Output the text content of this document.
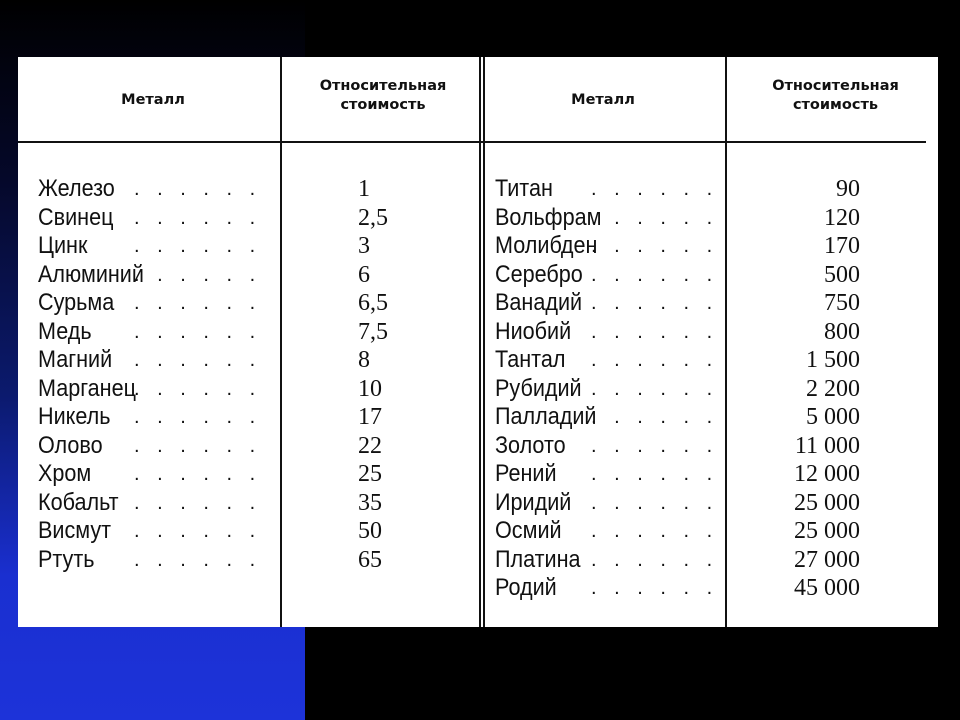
Металл
Относительная
стоимость	Металл
Относительная
стоимость
Железо . . . . . .
Свинец . . . . . .
Цинк . . . . . .
Алюминий
. . . . . .
Сурьма . . . . . .
Медь . . . . . .
Магний . . . . . .
Марганец
. . . . . .
Никель . . . . . .
Олово . . . . . .
Хром . . . . . .
Кобальт . . . . . .
Висмут . . . . . .
Ртуть . . . . . .
1
2,5
3
6
6,5
7,5
8
10
17
22
25
35
50
65
Титан . . . . . .
Вольфрам
. . . . . .
Молибден
. . . . . .
Серебро . . . . . .
Ванадий . . . . . .
Ниобий . . . . . .
Тантал . . . . . .
Рубидий . . . . . .
Палладий
. . . . . .
Золото . . . . . .
Рений . . . . . .
Иридий . . . . . .
Осмий . . . . . .
Платина . . . . . .
Родий . . . . . .
90
120
170
500
750
800
1 500
2 200
5 000
11 000
12 000
25 000
25 000
27 000
45 000
